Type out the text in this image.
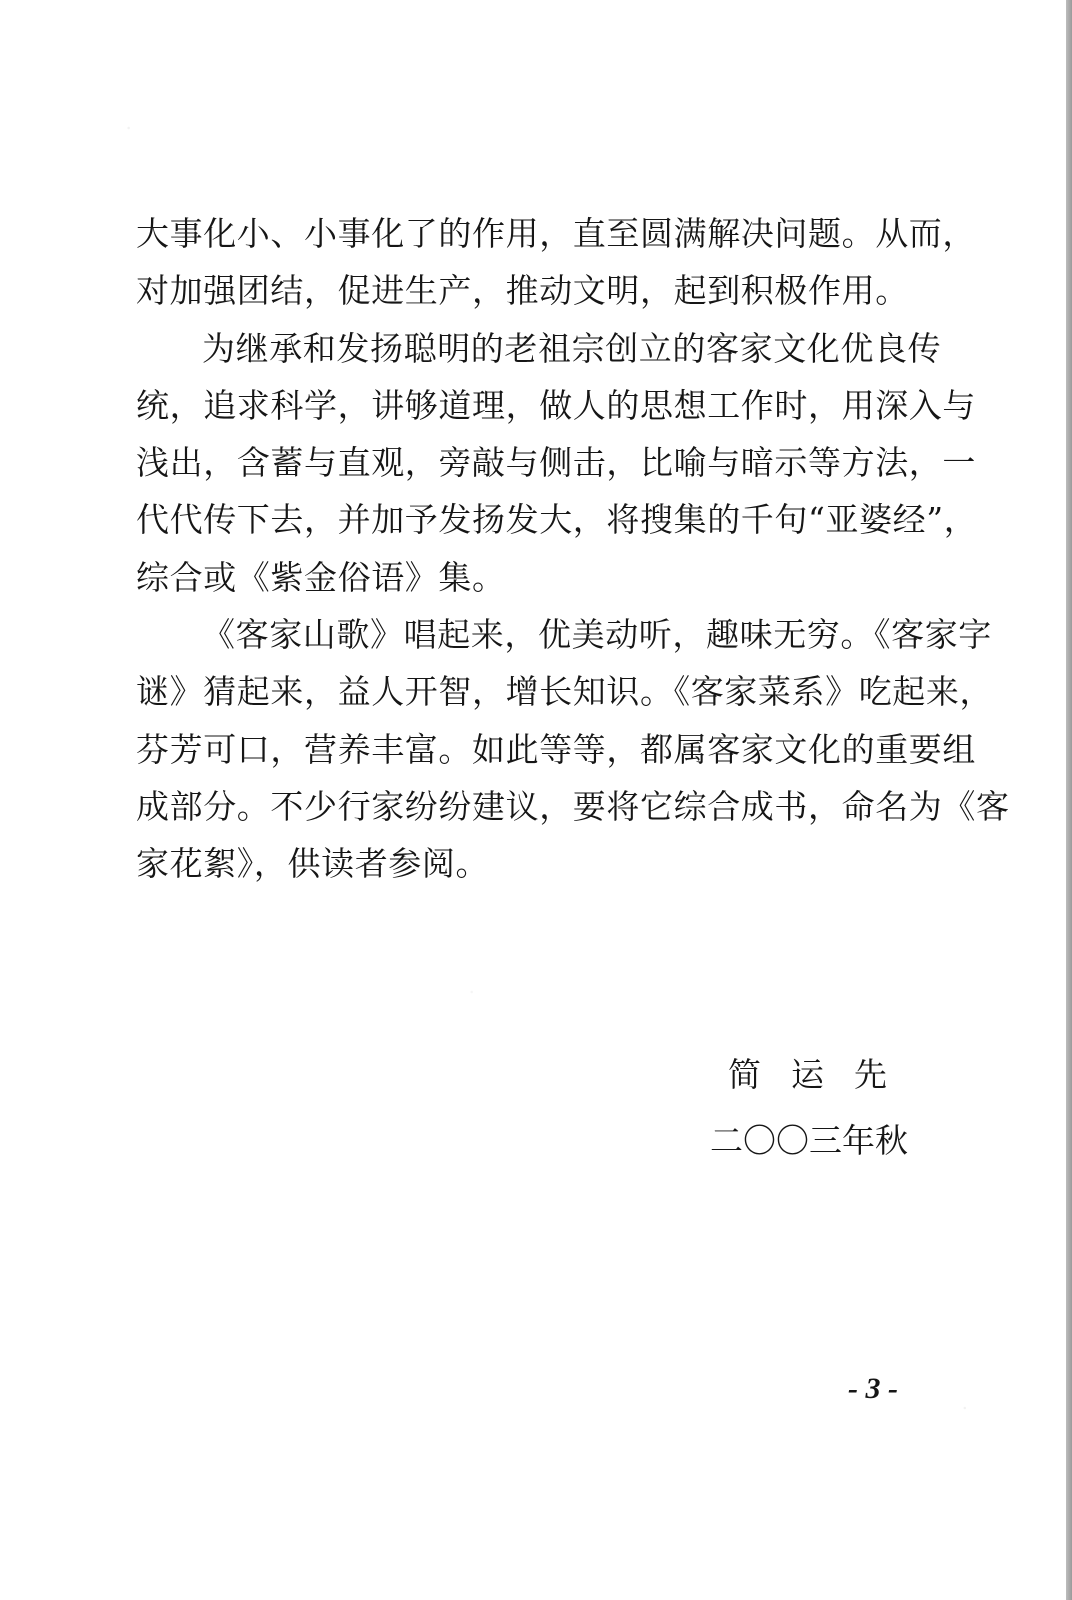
大事化小、小事化了的作用，直至圆满解决问题。从而，
对加强团结，促进生产，推动文明，起到积极作用。
为继承和发扬聪明的老祖宗创立的客家文化优良传
统，追求科学，讲够道理，做人的思想工作时，用深入与
浅出，含蓄与直观，旁敲与侧击，比喻与暗示等方法，一
代代传下去，并加予发扬发大，将搜集的千句“亚婆经”，
综合或《紫金俗语》集。
《客家山歌》唱起来，优美动听，趣味无穷。《客家字
谜》猜起来，益人开智，增长知识。《客家菜系》吃起来，
芬芳可口，营养丰富。如此等等，都属客家文化的重要组
成部分。不少行家纷纷建议，要将它综合成书，命名为《客
家花絮》，供读者参阅。
简运先
二〇〇三年秋
- 3 -
